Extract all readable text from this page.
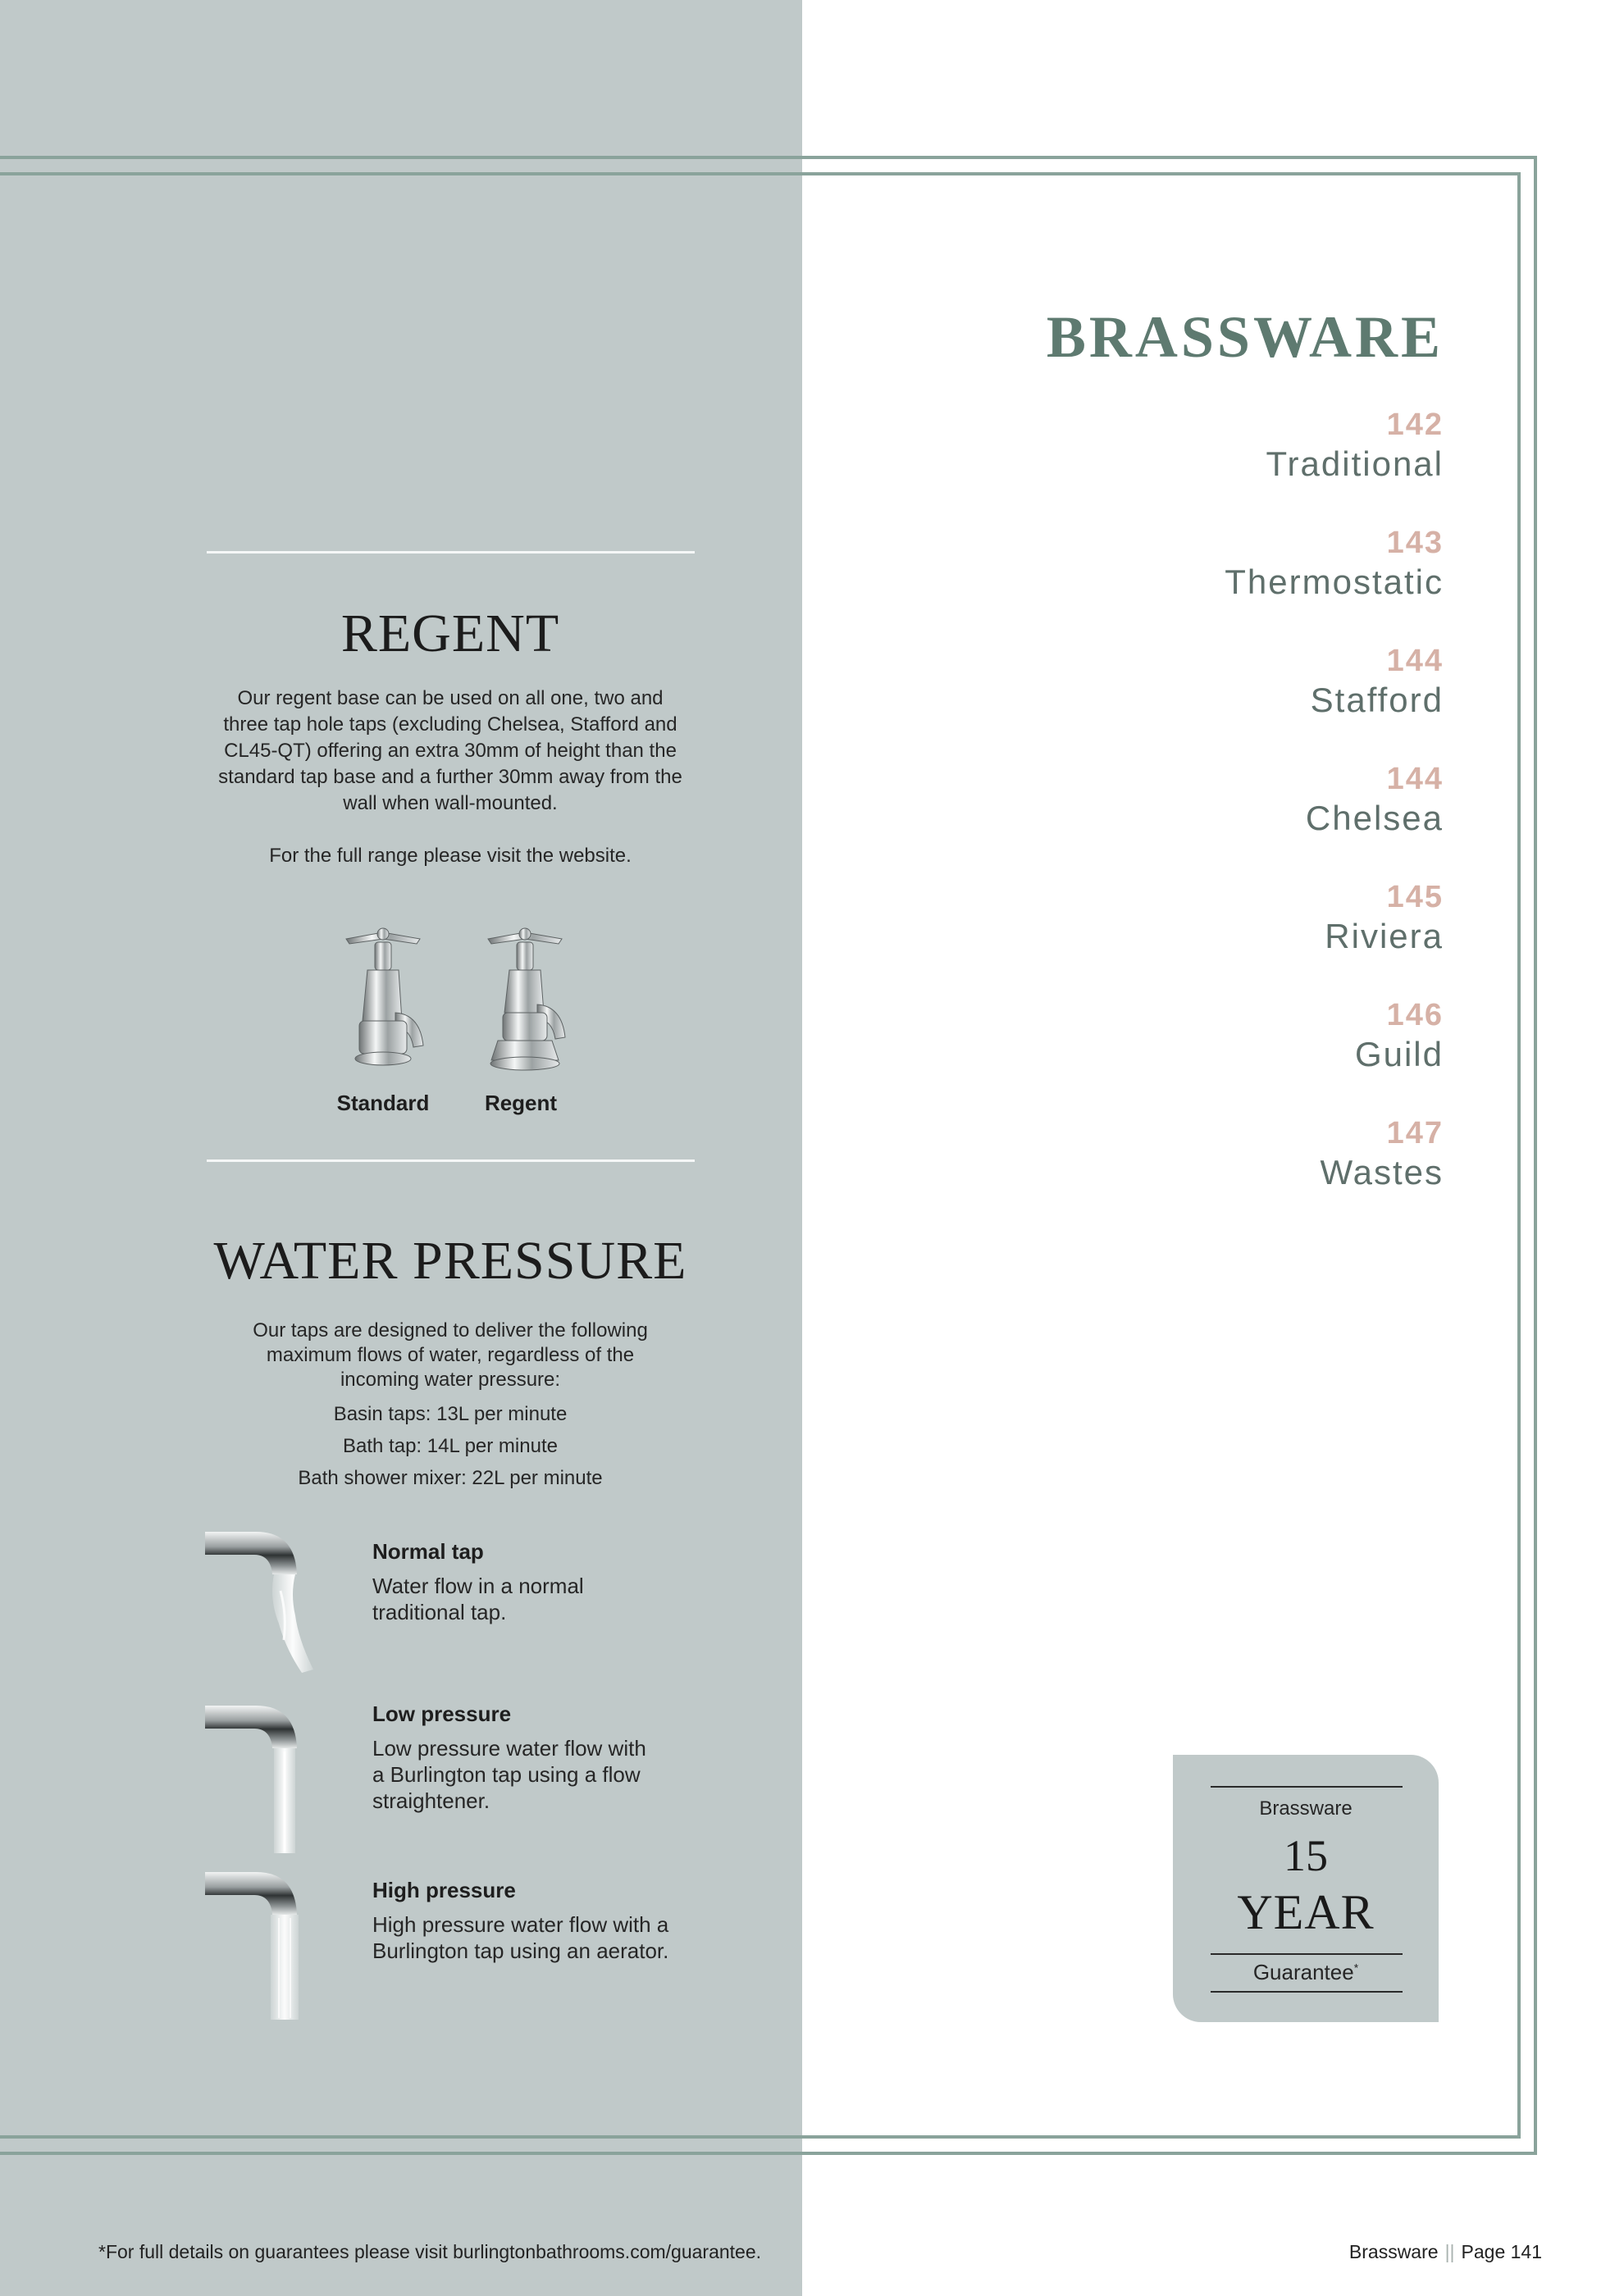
REGENT
Our regent base can be used on all one, two and
three tap hole taps (excluding Chelsea, Stafford and
CL45-QT) offering an extra 30mm of height than the
standard tap base and a further 30mm away from the
wall when wall-mounted.
For the full range please visit the website.
Standard	Regent
WATER PRESSURE
Our taps are designed to deliver the following
maximum flows of water, regardless of the
incoming water pressure:
Basin taps: 13L per minute
Bath tap: 14L per minute
Bath shower mixer: 22L per minute
Normal tap
Water flow in a normal
traditional tap.
Low pressure
Low pressure water flow with
a Burlington tap using a flow
straightener.
High pressure
High pressure water flow with a
Burlington tap using an aerator.
BRASSWARE
142
Traditional
143
Thermostatic
144
Stafford
144
Chelsea
145
Riviera
146
Guild
147
Wastes
Brassware
15
YEAR
Guarantee*
*For full details on guarantees please visit burlingtonbathrooms.com/guarantee.	Brassware || Page 141
